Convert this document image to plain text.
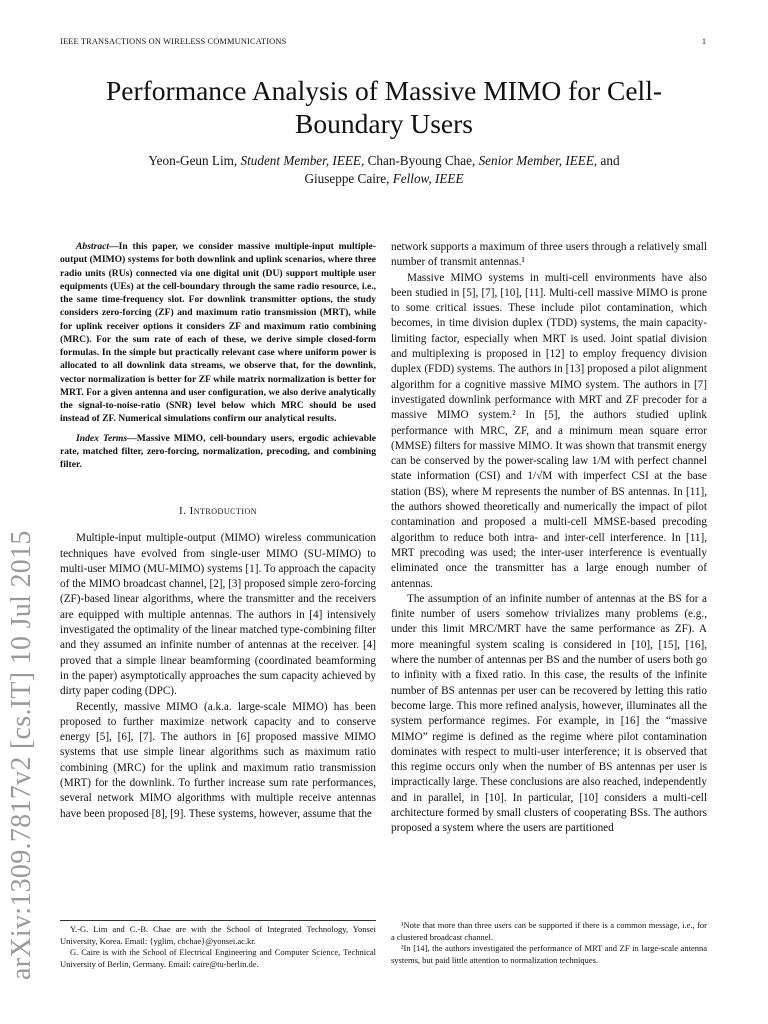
IEEE TRANSACTIONS ON WIRELESS COMMUNICATIONS	1
arXiv:1309.7817v2 [cs.IT] 10 Jul 2015
Performance Analysis of Massive MIMO for Cell-Boundary Users
Yeon-Geun Lim, Student Member, IEEE, Chan-Byoung Chae, Senior Member, IEEE, and
Giuseppe Caire, Fellow, IEEE
Abstract—In this paper, we consider massive multiple-input multiple-output (MIMO) systems for both downlink and uplink scenarios, where three radio units (RUs) connected via one digital unit (DU) support multiple user equipments (UEs) at the cell-boundary through the same radio resource, i.e., the same time-frequency slot. For downlink transmitter options, the study considers zero-forcing (ZF) and maximum ratio transmission (MRT), while for uplink receiver options it considers ZF and maximum ratio combining (MRC). For the sum rate of each of these, we derive simple closed-form formulas. In the simple but practically relevant case where uniform power is allocated to all downlink data streams, we observe that, for the downlink, vector normalization is better for ZF while matrix normalization is better for MRT. For a given antenna and user configuration, we also derive analytically the signal-to-noise-ratio (SNR) level below which MRC should be used instead of ZF. Numerical simulations confirm our analytical results.
Index Terms—Massive MIMO, cell-boundary users, ergodic achievable rate, matched filter, zero-forcing, normalization, precoding, and combining filter.
I. Introduction

Multiple-input multiple-output (MIMO) wireless communication techniques have evolved from single-user MIMO (SU-MIMO) to multi-user MIMO (MU-MIMO) systems [1]. To approach the capacity of the MIMO broadcast channel, [2], [3] proposed simple zero-forcing (ZF)-based linear algorithms, where the transmitter and the receivers are equipped with multiple antennas. The authors in [4] intensively investigated the optimality of the linear matched type-combining filter and they assumed an infinite number of antennas at the receiver. [4] proved that a simple linear beamforming (coordinated beamforming in the paper) asymptotically approaches the sum capacity achieved by dirty paper coding (DPC).

Recently, massive MIMO (a.k.a. large-scale MIMO) has been proposed to further maximize network capacity and to conserve energy [5], [6], [7]. The authors in [6] proposed massive MIMO systems that use simple linear algorithms such as maximum ratio combining (MRC) for the uplink and maximum ratio transmission (MRT) for the downlink. To further increase sum rate performances, several network MIMO algorithms with multiple receive antennas have been proposed [8], [9]. These systems, however, assume that the

network supports a maximum of three users through a relatively small number of transmit antennas.¹

Massive MIMO systems in multi-cell environments have also been studied in [5], [7], [10], [11]. Multi-cell massive MIMO is prone to some critical issues. These include pilot contamination, which becomes, in time division duplex (TDD) systems, the main capacity-limiting factor, especially when MRT is used. Joint spatial division and multiplexing is proposed in [12] to employ frequency division duplex (FDD) systems. The authors in [13] proposed a pilot alignment algorithm for a cognitive massive MIMO system. The authors in [7] investigated downlink performance with MRT and ZF precoder for a massive MIMO system.² In [5], the authors studied uplink performance with MRC, ZF, and a minimum mean square error (MMSE) filters for massive MIMO. It was shown that transmit energy can be conserved by the power-scaling law 1/M with perfect channel state information (CSI) and 1/√M with imperfect CSI at the base station (BS), where M represents the number of BS antennas. In [11], the authors showed theoretically and numerically the impact of pilot contamination and proposed a multi-cell MMSE-based precoding algorithm to reduce both intra- and inter-cell interference. In [11], MRT precoding was used; the inter-user interference is eventually eliminated once the transmitter has a large enough number of antennas.

The assumption of an infinite number of antennas at the BS for a finite number of users somehow trivializes many problems (e.g., under this limit MRC/MRT have the same performance as ZF). A more meaningful system scaling is considered in [10], [15], [16], where the number of antennas per BS and the number of users both go to infinity with a fixed ratio. In this case, the results of the infinite number of BS antennas per user can be recovered by letting this ratio become large. This more refined analysis, however, illuminates all the system performance regimes. For example, in [16] the “massive MIMO” regime is defined as the regime where pilot contamination dominates with respect to multi-user interference; it is observed that this regime occurs only when the number of BS antennas per user is impractically large. These conclusions are also reached, independently and in parallel, in [10]. In particular, [10] considers a multi-cell architecture formed by small clusters of cooperating BSs. The authors proposed a system where the users are partitioned

Y.-G. Lim and C.-B. Chae are with the School of Integrated Technology, Yonsei University, Korea. Email: {yglim, cbchae}@yonsei.ac.kr.

G. Caire is with the School of Electrical Engineering and Computer Science, Technical University of Berlin, Germany. Email: caire@tu-berlin.de.

¹Note that more than three users can be supported if there is a common message, i.e., for a clustered broadcast channel.

²In [14], the authors investigated the performance of MRT and ZF in large-scale antenna systems, but paid little attention to normalization techniques.
